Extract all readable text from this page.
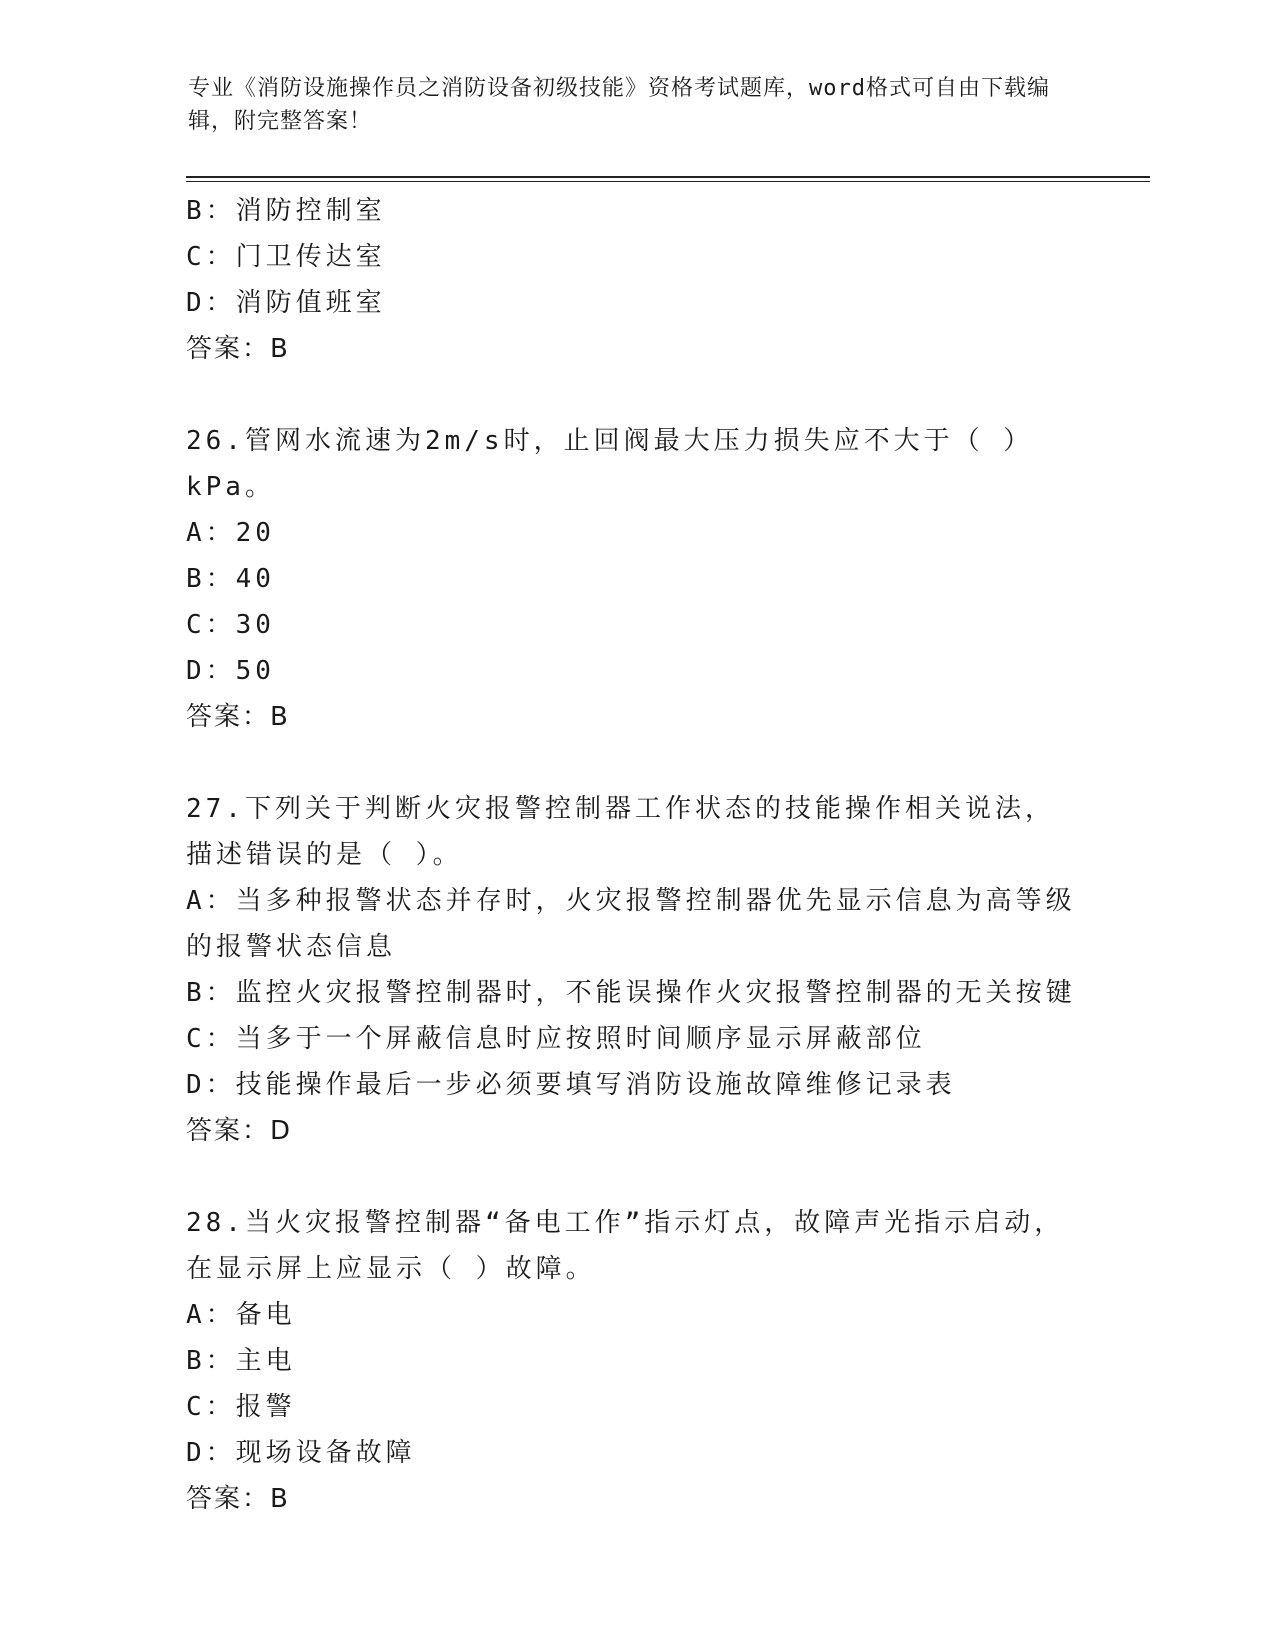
专业《消防设施操作员之消防设备初级技能》资格考试题库，word格式可自由下载编辑，附完整答案！
B：消防控制室
C：门卫传达室
D：消防值班室
答案：B
26.管网水流速为2m/s时，止回阀最大压力损失应不大于（ ）kPa。
A：20
B：40
C：30
D：50
答案：B
27.下列关于判断火灾报警控制器工作状态的技能操作相关说法，描述错误的是（ ）。
A：当多种报警状态并存时，火灾报警控制器优先显示信息为高等级的报警状态信息
B：监控火灾报警控制器时，不能误操作火灾报警控制器的无关按键
C：当多于一个屏蔽信息时应按照时间顺序显示屏蔽部位
D：技能操作最后一步必须要填写消防设施故障维修记录表
答案：D
28.当火灾报警控制器“备电工作”指示灯点，故障声光指示启动，在显示屏上应显示（ ）故障。
A：备电
B：主电
C：报警
D：现场设备故障
答案：B
